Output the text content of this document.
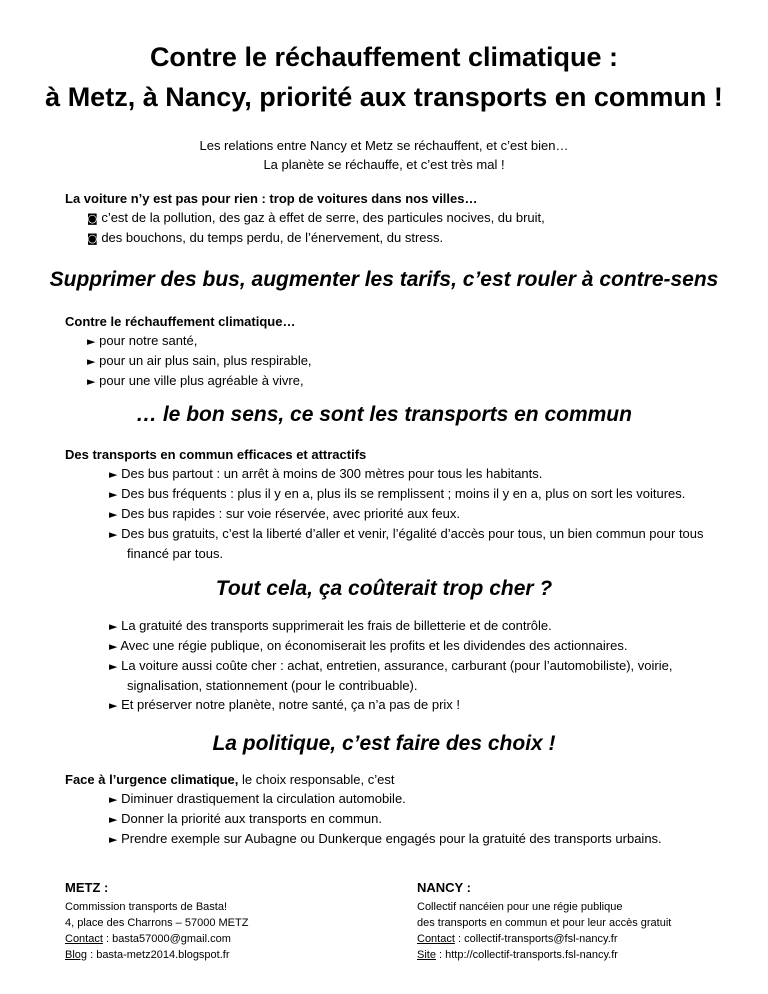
Contre le réchauffement climatique :
à Metz, à Nancy, priorité aux transports en commun !
Les relations entre Nancy et Metz se réchauffent, et c’est bien…
La planète se réchauffe, et c’est très mal !
La voiture n’y est pas pour rien : trop de voitures dans nos villes…
◙ c’est de la pollution, des gaz à effet de serre, des particules nocives, du bruit,
◙ des bouchons, du temps perdu, de l’énervement, du stress.
Supprimer des bus, augmenter les tarifs, c’est rouler à contre-sens
Contre le réchauffement climatique…
► pour notre santé,
► pour un air plus sain, plus respirable,
► pour une ville plus agréable à vivre,
… le bon sens, ce sont les transports en commun
Des transports en commun efficaces et attractifs
► Des bus partout : un arrêt à moins de 300 mètres pour tous les habitants.
► Des bus fréquents : plus il y en a, plus ils se remplissent ; moins il y en a, plus on sort les voitures.
► Des bus rapides : sur voie réservée, avec priorité aux feux.
► Des bus gratuits, c’est la liberté d’aller et venir, l’égalité d’accès pour tous, un bien commun pour tous financé par tous.
Tout cela, ça coûterait trop cher ?
► La gratuité des transports supprimerait les frais de billetterie et de contrôle.
► Avec une régie publique, on économiserait les profits et les dividendes des actionnaires.
► La voiture aussi coûte cher : achat, entretien, assurance, carburant (pour l’automobiliste), voirie, signalisation, stationnement (pour le contribuable).
► Et préserver notre planète, notre santé, ça n’a pas de prix !
La politique, c’est faire des choix !
Face à l’urgence climatique, le choix responsable, c’est
► Diminuer drastiquement la circulation automobile.
► Donner la priorité aux transports en commun.
► Prendre exemple sur Aubagne ou Dunkerque engagés pour la gratuité des transports urbains.
METZ :
Commission transports de Basta!
4, place des Charrons – 57000 METZ
Contact : basta57000@gmail.com
Blog : basta-metz2014.blogspot.fr
NANCY :
Collectif nancéien pour une régie publique
des transports en commun et pour leur accès gratuit
Contact : collectif-transports@fsl-nancy.fr
Site : http://collectif-transports.fsl-nancy.fr
